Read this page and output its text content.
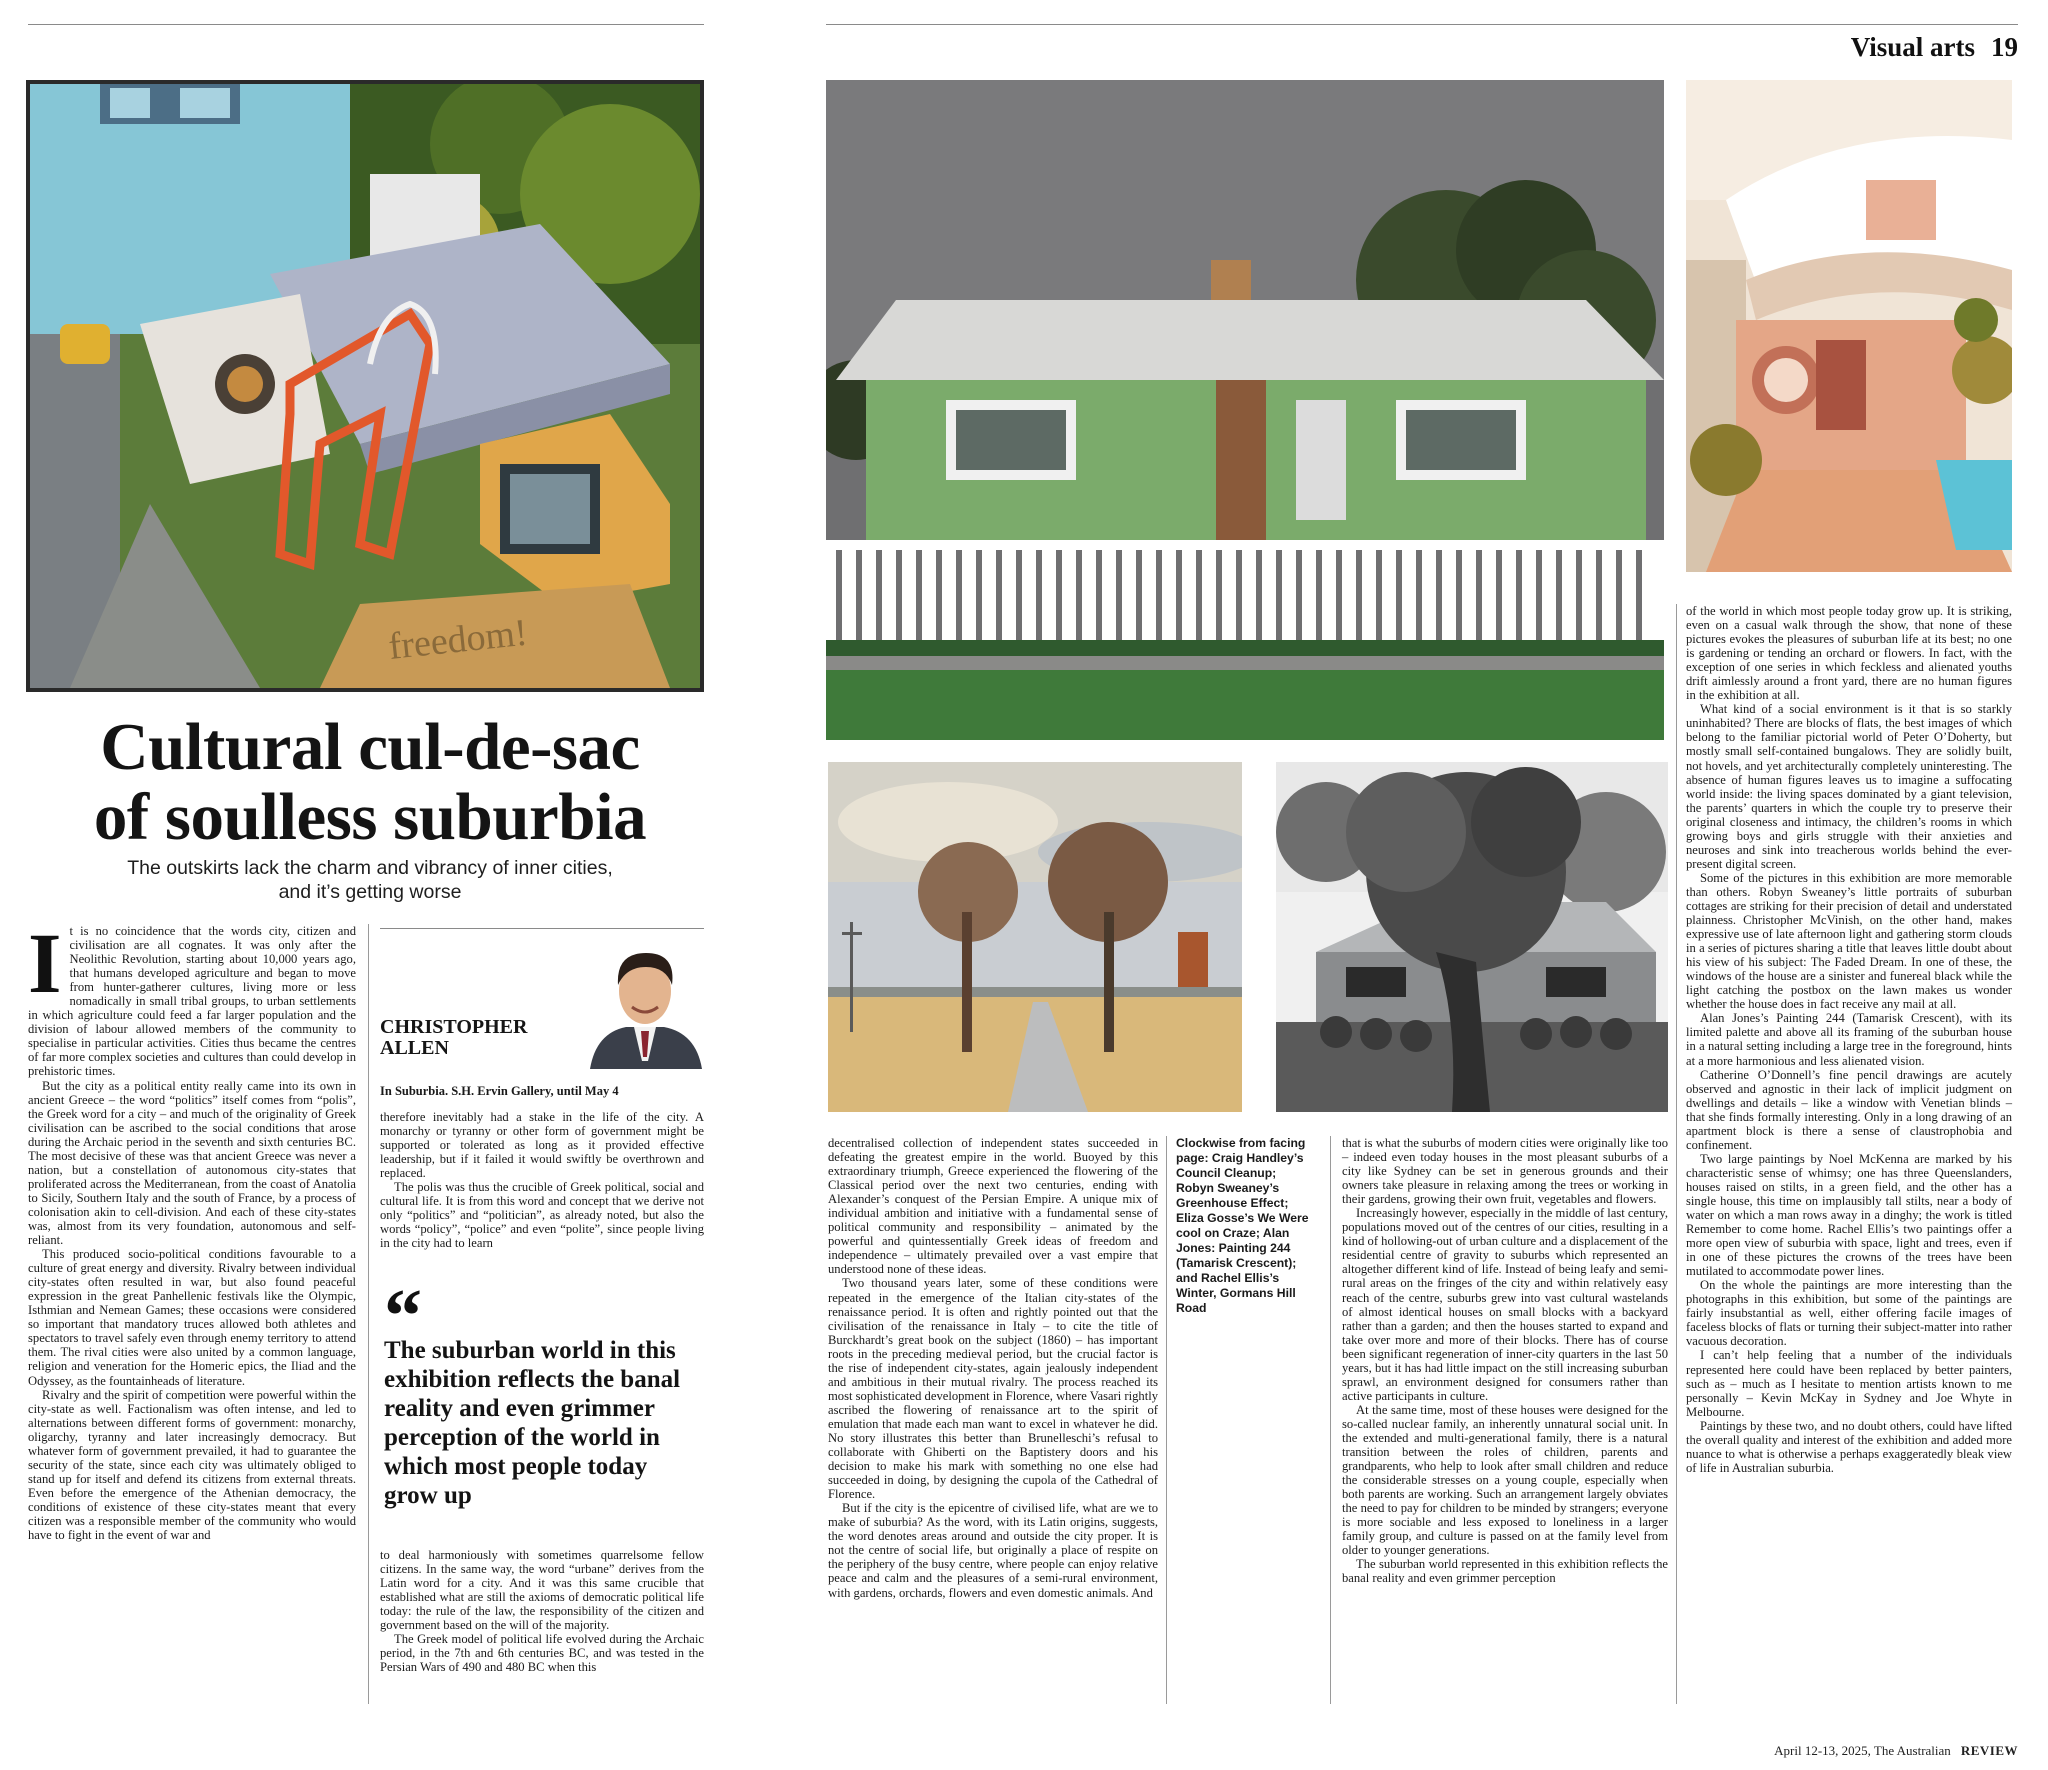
Visual arts 19
freedom!
Cultural cul-de-sac
of soulless suburbia
The outskirts lack the charm and vibrancy of inner cities,
and it’s getting worse
I t is no coincidence that the words city, citizen and civilisation are all cognates. It was only after the Neolithic Revolution, starting about 10,000 years ago, that humans developed agriculture and began to move from hunter-gatherer cultures, living more or less nomadically in small tribal groups, to urban settlements in which agriculture could feed a far larger population and the division of labour allowed members of the community to specialise in particular activities. Cities thus became the centres of far more complex societies and cultures than could develop in prehistoric times.

But the city as a political entity really came into its own in ancient Greece – the word “politics” itself comes from “polis”, the Greek word for a city – and much of the originality of Greek civilisation can be ascribed to the social conditions that arose during the Archaic period in the seventh and sixth centuries BC. The most decisive of these was that ancient Greece was never a nation, but a constellation of autonomous city-states that proliferated across the Mediterranean, from the coast of Anatolia to Sicily, Southern Italy and the south of France, by a process of colonisation akin to cell-division. And each of these city-states was, almost from its very foundation, autonomous and self-reliant.

This produced socio-political conditions favourable to a culture of great energy and diversity. Rivalry between individual city-states often resulted in war, but also found peaceful expression in the great Panhellenic festivals like the Olympic, Isthmian and Nemean Games; these occasions were considered so important that mandatory truces allowed both athletes and spectators to travel safely even through enemy territory to attend them. The rival cities were also united by a common language, religion and veneration for the Homeric epics, the Iliad and the Odyssey, as the fountainheads of literature.

Rivalry and the spirit of competition were powerful within the city-state as well. Factionalism was often intense, and led to alternations between different forms of government: monarchy, oligarchy, tyranny and later increasingly democracy. But whatever form of government prevailed, it had to guarantee the security of the state, since each city was ultimately obliged to stand up for itself and defend its citizens from external threats. Even before the emergence of the Athenian democracy, the conditions of existence of these city-states meant that every citizen was a responsible member of the community who would have to fight in the event of war and

CHRISTOPHER
ALLEN
In Suburbia. S.H. Ervin Gallery, until May 4

therefore inevitably had a stake in the life of the city. A monarchy or tyranny or other form of government might be supported or tolerated as long as it provided effective leadership, but if it failed it would swiftly be overthrown and replaced.

The polis was thus the crucible of Greek political, social and cultural life. It is from this word and concept that we derive not only “politics” and “politician”, as already noted, but also the words “policy”, “police” and even “polite”, since people living in the city had to learn

“
The suburban world in this exhibition reflects the banal reality and even grimmer perception of the world in which most people today grow up

to deal harmoniously with sometimes quarrelsome fellow citizens. In the same way, the word “urbane” derives from the Latin word for a city. And it was this same crucible that established what are still the axioms of democratic political life today: the rule of the law, the responsibility of the citizen and government based on the will of the majority.

The Greek model of political life evolved during the Archaic period, in the 7th and 6th centuries BC, and was tested in the Persian Wars of 490 and 480 BC when this

decentralised collection of independent states succeeded in defeating the greatest empire in the world. Buoyed by this extraordinary triumph, Greece experienced the flowering of the Classical period over the next two centuries, ending with Alexander’s conquest of the Persian Empire. A unique mix of individual ambition and initiative with a fundamental sense of political community and responsibility – animated by the powerful and quintessentially Greek ideas of freedom and independence – ultimately prevailed over a vast empire that understood none of these ideas.

Two thousand years later, some of these conditions were repeated in the emergence of the Italian city-states of the renaissance period. It is often and rightly pointed out that the civilisation of the renaissance in Italy – to cite the title of Burckhardt’s great book on the subject (1860) – has important roots in the preceding medieval period, but the crucial factor is the rise of independent city-states, again jealously independent and ambitious in their mutual rivalry. The process reached its most sophisticated development in Florence, where Vasari rightly ascribed the flowering of renaissance art to the spirit of emulation that made each man want to excel in whatever he did. No story illustrates this better than Brunelleschi’s refusal to collaborate with Ghiberti on the Baptistery doors and his decision to make his mark with something no one else had succeeded in doing, by designing the cupola of the Cathedral of Florence.

But if the city is the epicentre of civilised life, what are we to make of suburbia? As the word, with its Latin origins, suggests, the word denotes areas around and outside the city proper. It is not the centre of social life, but originally a place of respite on the periphery of the busy centre, where people can enjoy relative peace and calm and the pleasures of a semi-rural environment, with gardens, orchards, flowers and even domestic animals. And

Clockwise from facing page: Craig Handley’s Council Cleanup; Robyn Sweaney’s Greenhouse Effect; Eliza Gosse’s We Were cool on Craze; Alan Jones: Painting 244 (Tamarisk Crescent); and Rachel Ellis’s Winter, Gormans Hill Road

that is what the suburbs of modern cities were originally like too – indeed even today houses in the most pleasant suburbs of a city like Sydney can be set in generous grounds and their owners take pleasure in relaxing among the trees or working in their gardens, growing their own fruit, vegetables and flowers.

Increasingly however, especially in the middle of last century, populations moved out of the centres of our cities, resulting in a kind of hollowing-out of urban culture and a displacement of the residential centre of gravity to suburbs which represented an altogether different kind of life. Instead of being leafy and semi-rural areas on the fringes of the city and within relatively easy reach of the centre, suburbs grew into vast cultural wastelands of almost identical houses on small blocks with a backyard rather than a garden; and then the houses started to expand and take over more and more of their blocks. There has of course been significant regeneration of inner-city quarters in the last 50 years, but it has had little impact on the still increasing suburban sprawl, an environment designed for consumers rather than active participants in culture.

At the same time, most of these houses were designed for the so-called nuclear family, an inherently unnatural social unit. In the extended and multi-generational family, there is a natural transition between the roles of children, parents and grandparents, who help to look after small children and reduce the considerable stresses on a young couple, especially when both parents are working. Such an arrangement largely obviates the need to pay for children to be minded by strangers; everyone is more sociable and less exposed to loneliness in a larger family group, and culture is passed on at the family level from older to younger generations.

The suburban world represented in this exhibition reflects the banal reality and even grimmer perception

of the world in which most people today grow up. It is striking, even on a casual walk through the show, that none of these pictures evokes the pleasures of suburban life at its best; no one is gardening or tending an orchard or flowers. In fact, with the exception of one series in which feckless and alienated youths drift aimlessly around a front yard, there are no human figures in the exhibition at all.

What kind of a social environment is it that is so starkly uninhabited? There are blocks of flats, the best images of which belong to the familiar pictorial world of Peter O’Doherty, but mostly small self-contained bungalows. They are solidly built, not hovels, and yet architecturally completely uninteresting. The absence of human figures leaves us to imagine a suffocating world inside: the living spaces dominated by a giant television, the parents’ quarters in which the couple try to preserve their original closeness and intimacy, the children’s rooms in which growing boys and girls struggle with their anxieties and neuroses and sink into treacherous worlds behind the ever-present digital screen.

Some of the pictures in this exhibition are more memorable than others. Robyn Sweaney’s little portraits of suburban cottages are striking for their precision of detail and understated plainness. Christopher McVinish, on the other hand, makes expressive use of late afternoon light and gathering storm clouds in a series of pictures sharing a title that leaves little doubt about his view of his subject: The Faded Dream. In one of these, the windows of the house are a sinister and funereal black while the light catching the postbox on the lawn makes us wonder whether the house does in fact receive any mail at all.

Alan Jones’s Painting 244 (Tamarisk Crescent), with its limited palette and above all its framing of the suburban house in a natural setting including a large tree in the foreground, hints at a more harmonious and less alienated vision.

Catherine O’Donnell’s fine pencil drawings are acutely observed and agnostic in their lack of implicit judgment on dwellings and details – like a window with Venetian blinds – that she finds formally interesting. Only in a long drawing of an apartment block is there a sense of claustrophobia and confinement.

Two large paintings by Noel McKenna are marked by his characteristic sense of whimsy; one has three Queenslanders, houses raised on stilts, in a green field, and the other has a single house, this time on implausibly tall stilts, near a body of water on which a man rows away in a dinghy; the work is titled Remember to come home. Rachel Ellis’s two paintings offer a more open view of suburbia with space, light and trees, even if in one of these pictures the crowns of the trees have been mutilated to accommodate power lines.

On the whole the paintings are more interesting than the photographs in this exhibition, but some of the paintings are fairly insubstantial as well, either offering facile images of faceless blocks of flats or turning their subject-matter into rather vacuous decoration.

I can’t help feeling that a number of the individuals represented here could have been replaced by better painters, such as – much as I hesitate to mention artists known to me personally – Kevin McKay in Sydney and Joe Whyte in Melbourne.

Paintings by these two, and no doubt others, could have lifted the overall quality and interest of the exhibition and added more nuance to what is otherwise a perhaps exaggeratedly bleak view of life in Australian suburbia.

April 12-13, 2025, The Australian REVIEW
